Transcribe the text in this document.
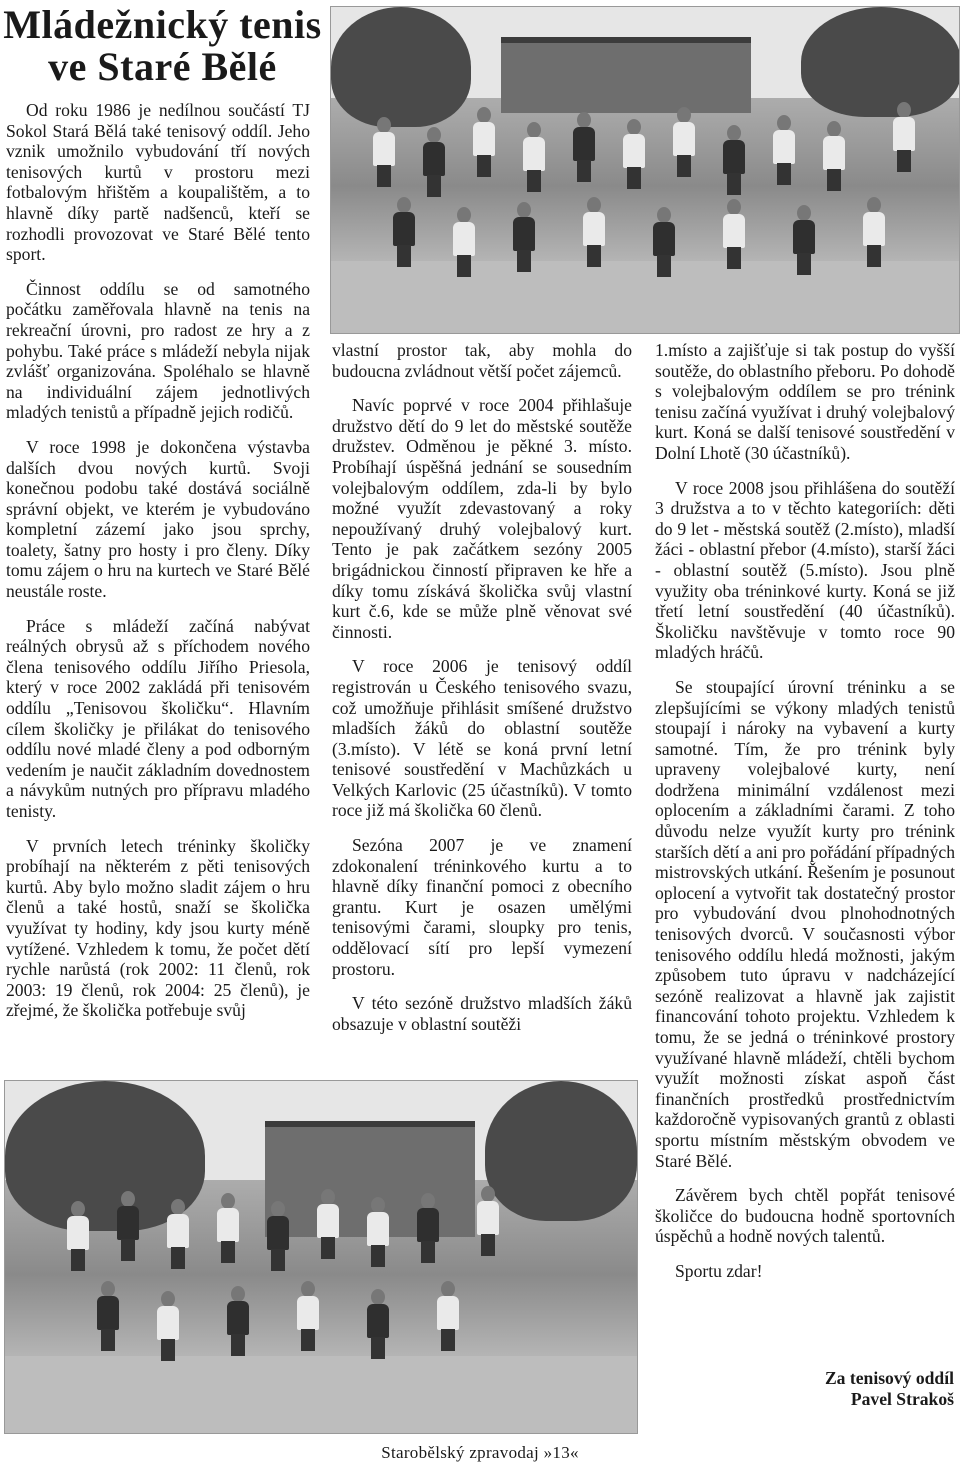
Mládežnický tenis
ve Staré Bělé

Od roku 1986 je nedílnou součástí TJ Sokol Stará Bělá také tenisový oddíl. Jeho vznik umožnilo vybudování tří nových tenisových kurtů v prostoru mezi fotbalovým hřištěm a koupalištěm, a to hlavně díky partě nadšenců, kteří se rozhodli provozovat ve Staré Bělé tento sport.

Činnost oddílu se od samotného počátku zaměřovala hlavně na tenis na rekreační úrovni, pro radost ze hry a z pohybu. Také práce s mládeží nebyla nijak zvlášť organizována. Spoléhalo se hlavně na individuální zájem jednotlivých mladých tenistů a případně jejich rodičů.

V roce 1998 je dokončena výstavba dalších dvou nových kurtů. Svoji konečnou podobu také dostává sociálně správní objekt, ve kterém je vybudováno kompletní zázemí jako jsou sprchy, toalety, šatny pro hosty i pro členy. Díky tomu zájem o hru na kurtech ve Staré Bělé neustále roste.

Práce s mládeží začíná nabývat reálných obrysů až s příchodem nového člena tenisového oddílu Jiřího Priesola, který v roce 2002 zakládá při tenisovém oddílu „Tenisovou školičku“. Hlavním cílem školičky je přilákat do tenisového oddílu nové mladé členy a pod odborným vedením je naučit základním dovednostem a návykům nutných pro přípravu mladého tenisty.

V prvních letech tréninky školičky probíhají na některém z pěti tenisových kurtů. Aby bylo možno sladit zájem o hru členů a také hostů, snaží se školička využívat ty hodiny, kdy jsou kurty méně vytížené. Vzhledem k tomu, že počet dětí rychle narůstá (rok 2002: 11 členů, rok 2003: 19 členů, rok 2004: 25 členů), je zřejmé, že školička potřebuje svůj

vlastní prostor tak, aby mohla do budoucna zvládnout větší počet zájemců.

Navíc poprvé v roce 2004 přihlašuje družstvo dětí do 9 let do městské soutěže družstev. Odměnou je pěkné 3. místo. Probíhají úspěšná jednání se sousedním volejbalovým oddílem, zda-li by bylo možné využít zdevastovaný a roky nepoužívaný druhý volejbalový kurt. Tento je pak začátkem sezóny 2005 brigádnickou činností připraven ke hře a díky tomu získává školička svůj vlastní kurt č.6, kde se může plně věnovat své činnosti.

V roce 2006 je tenisový oddíl registrován u Českého tenisového svazu, což umožňuje přihlásit smíšené družstvo mladších žáků do oblastní soutěže (3.místo). V létě se koná první letní tenisové soustředění v Machůzkách u Velkých Karlovic (25 účastníků). V tomto roce již má školička 60 členů.

Sezóna 2007 je ve znamení zdokonalení tréninkového kurtu a to hlavně díky finanční pomoci z obecního grantu. Kurt je osazen umělými tenisovými čarami, sloupky pro tenis, oddělovací sítí pro lepší vymezení prostoru.

V této sezóně družstvo mladších žáků obsazuje v oblastní soutěži

1.místo a zajišťuje si tak postup do vyšší soutěže, do oblastního přeboru. Po dohodě s volejbalovým oddílem se pro trénink tenisu začíná využívat i druhý volejbalový kurt. Koná se další tenisové soustředění v Dolní Lhotě (30 účastníků).

V roce 2008 jsou přihlášena do soutěží 3 družstva a to v těchto kategoriích: děti do 9 let - městská soutěž (2.místo), mladší žáci - oblastní přebor (4.místo), starší žáci - oblastní soutěž (5.místo). Jsou plně využity oba tréninkové kurty. Koná se již třetí letní soustředění (40 účastníků). Školičku navštěvuje v tomto roce 90 mladých hráčů.

Se stoupající úrovní tréninku a se zlepšujícími se výkony mladých tenistů stoupají i nároky na vybavení a kurty samotné. Tím, že pro trénink byly upraveny volejbalové kurty, není dodržena minimální vzdálenost mezi oplocením a základními čarami. Z toho důvodu nelze využít kurty pro trénink starších dětí a ani pro pořádání případných mistrovských utkání. Řešením je posunout oplocení a vytvořit tak dostatečný prostor pro vybudování dvou plnohodnotných tenisových dvorců. V současnosti výbor tenisového oddílu hledá možnosti, jakým způsobem tuto úpravu v nadcházející sezóně realizovat a hlavně jak zajistit financování tohoto projektu. Vzhledem k tomu, že se jedná o tréninkové prostory využívané hlavně mládeží, chtěli bychom využít možnosti získat aspoň část finančních prostředků prostřednictvím každoročně vypisovaných grantů z oblasti sportu místním městským obvodem ve Staré Bělé.

Závěrem bych chtěl popřát tenisové školičce do budoucna hodně sportovních úspěchů a hodně nových talentů.

Sportu zdar!

Za tenisový oddíl
Pavel Strakoš
Starobělský zpravodaj »13«
